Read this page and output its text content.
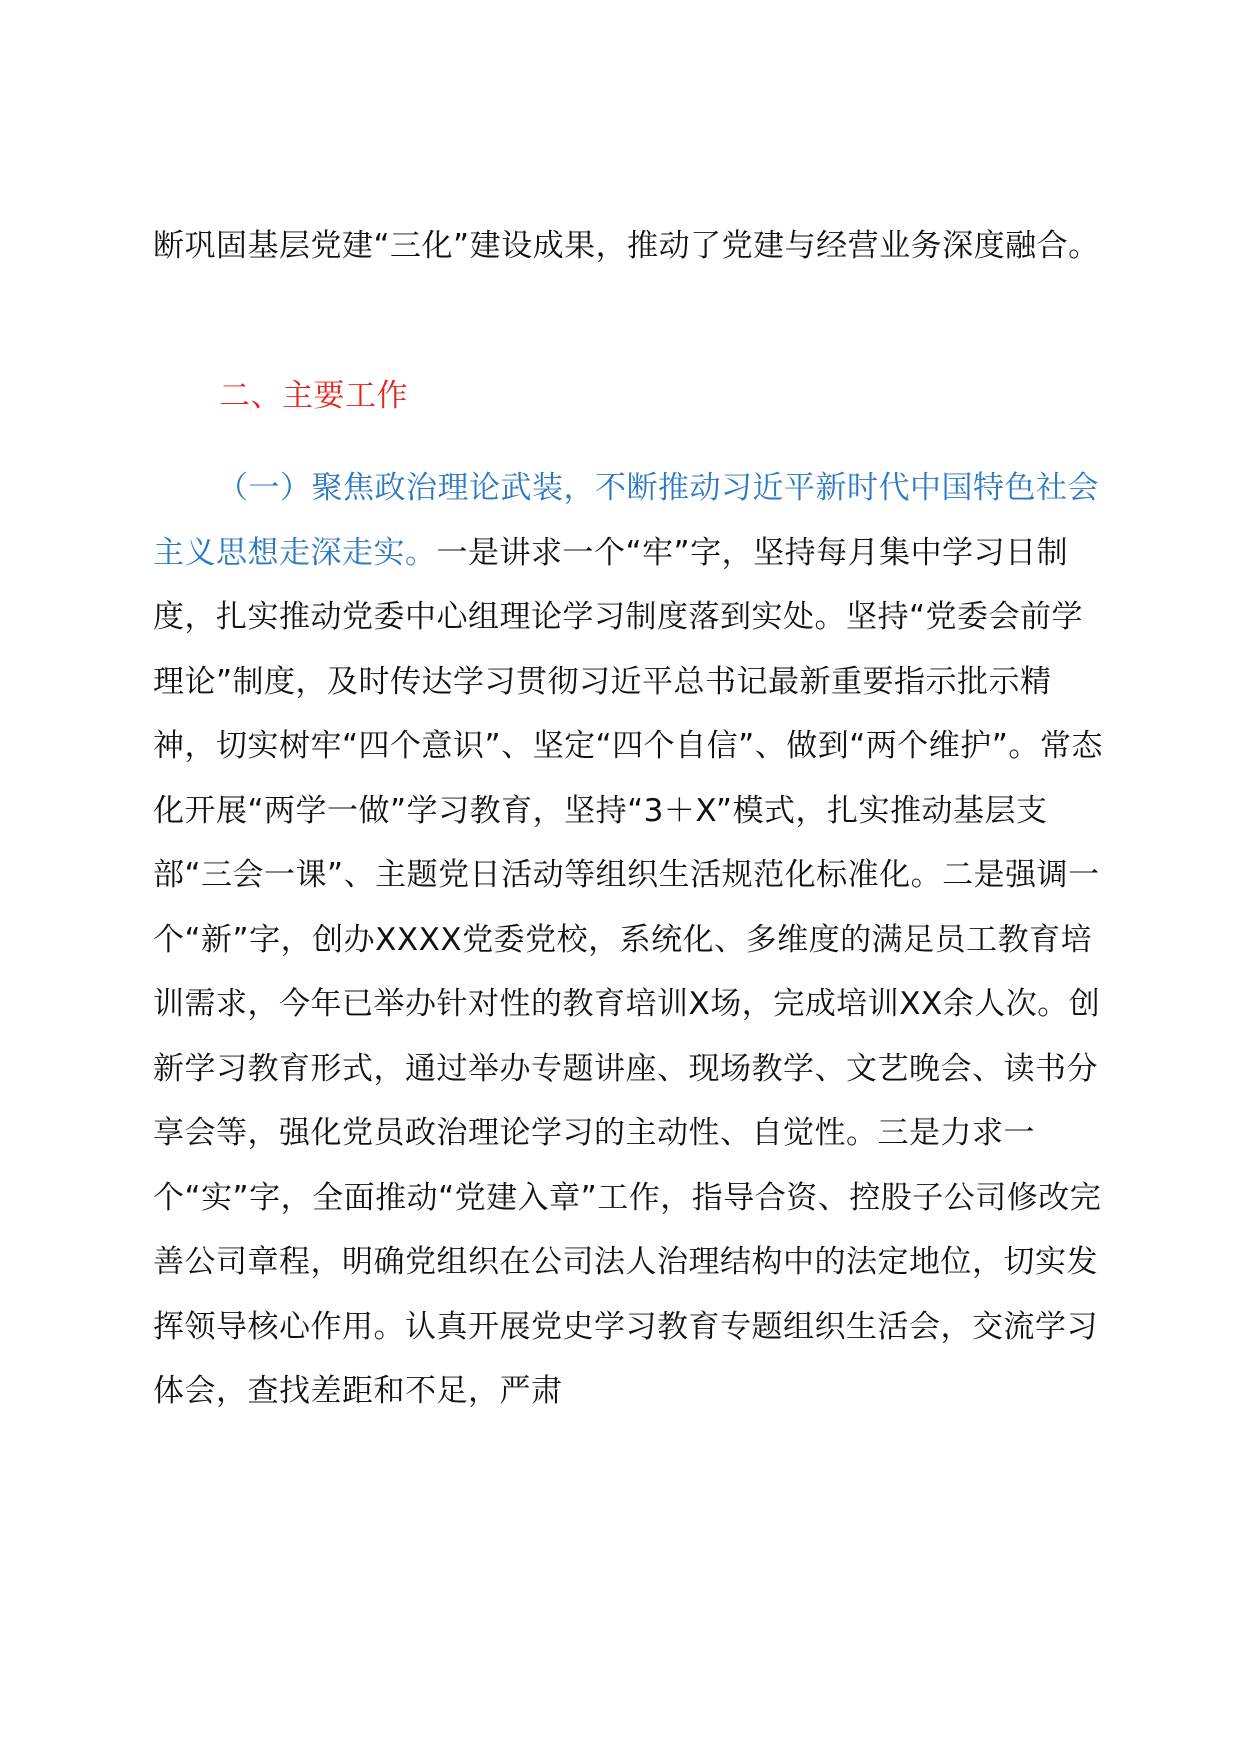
断巩固基层党建“三化”建设成果，推动了党建与经营业务深度融合。

二、主要工作

（一）聚焦政治理论武装，不断推动习近平新时代中国特色社会主义思想走深走实。一是讲求一个“牢”字，坚持每月集中学习日制度，扎实推动党委中心组理论学习制度落到实处。坚持“党委会前学理论”制度，及时传达学习贯彻习近平总书记最新重要指示批示精神，切实树牢“四个意识”、坚定“四个自信”、做到“两个维护”。常态化开展“两学一做”学习教育，坚持“3＋X”模式，扎实推动基层支部“三会一课”、主题党日活动等组织生活规范化标准化。二是强调一个“新”字，创办XXXX党委党校，系统化、多维度的满足员工教育培训需求，今年已举办针对性的教育培训X场，完成培训XX余人次。创新学习教育形式，通过举办专题讲座、现场教学、文艺晚会、读书分享会等，强化党员政治理论学习的主动性、自觉性。三是力求一个“实”字，全面推动“党建入章”工作，指导合资、控股子公司修改完善公司章程，明确党组织在公司法人治理结构中的法定地位，切实发挥领导核心作用。认真开展党史学习教育专题组织生活会，交流学习体会，查找差距和不足，严肃
